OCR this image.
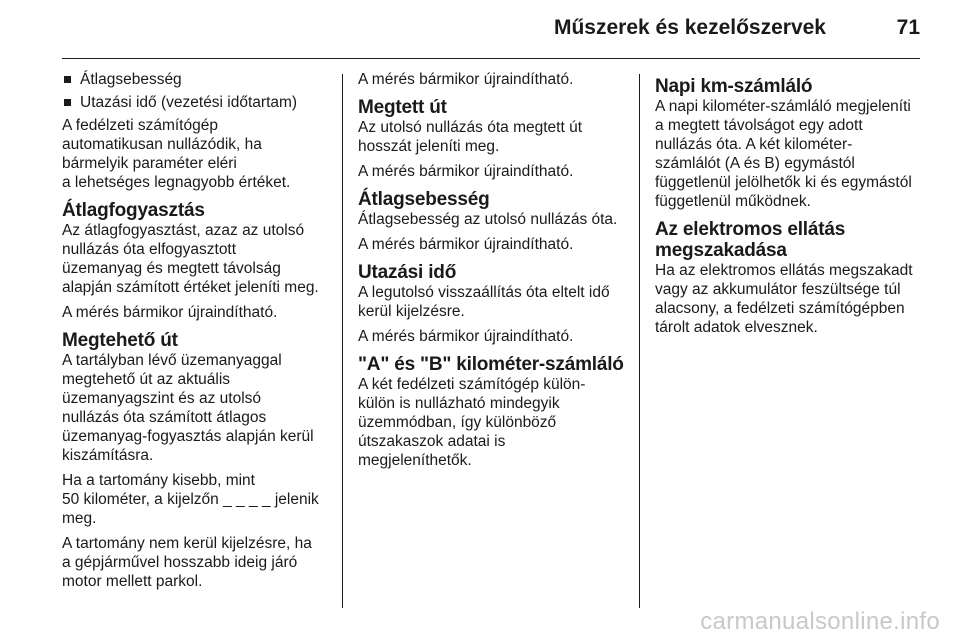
Műszerek és kezelőszervek	71
Átlagsebesség
Utazási idő (vezetési időtartam)

A fedélzeti számítógép
automatikusan nullázódik, ha
bármelyik paraméter eléri
a lehetséges legnagyobb értéket.

Átlagfogyasztás

Az átlagfogyasztást, azaz az utolsó
nullázás óta elfogyasztott
üzemanyag és megtett távolság
alapján számított értéket jeleníti meg.

A mérés bármikor újraindítható.

Megtehető út

A tartályban lévő üzemanyaggal
megtehető út az aktuális
üzemanyagszint és az utolsó
nullázás óta számított átlagos
üzemanyag-fogyasztás alapján kerül
kiszámításra.

Ha a tartomány kisebb, mint
50 kilométer, a kijelzőn _ _ _ _ jelenik
meg.

A tartomány nem kerül kijelzésre, ha
a gépjárművel hosszabb ideig járó
motor mellett parkol.

A mérés bármikor újraindítható.

Megtett út

Az utolsó nullázás óta megtett út
hosszát jeleníti meg.

A mérés bármikor újraindítható.

Átlagsebesség

Átlagsebesség az utolsó nullázás óta.

A mérés bármikor újraindítható.

Utazási idő

A legutolsó visszaállítás óta eltelt idő
kerül kijelzésre.

A mérés bármikor újraindítható.

"A" és "B" kilométer-számláló

A két fedélzeti számítógép külön-
külön is nullázható mindegyik
üzemmódban, így különböző
útszakaszok adatai is
megjeleníthetők.

Napi km-számláló

A napi kilométer-számláló megjeleníti
a megtett távolságot egy adott
nullázás óta. A két kilométer-
számlálót (A és B) egymástól
függetlenül jelölhetők ki és egymástól
függetlenül működnek.

Az elektromos ellátás
megszakadása

Ha az elektromos ellátás megszakadt
vagy az akkumulátor feszültsége túl
alacsony, a fedélzeti számítógépben
tárolt adatok elvesznek.

carmanualsonline.info
